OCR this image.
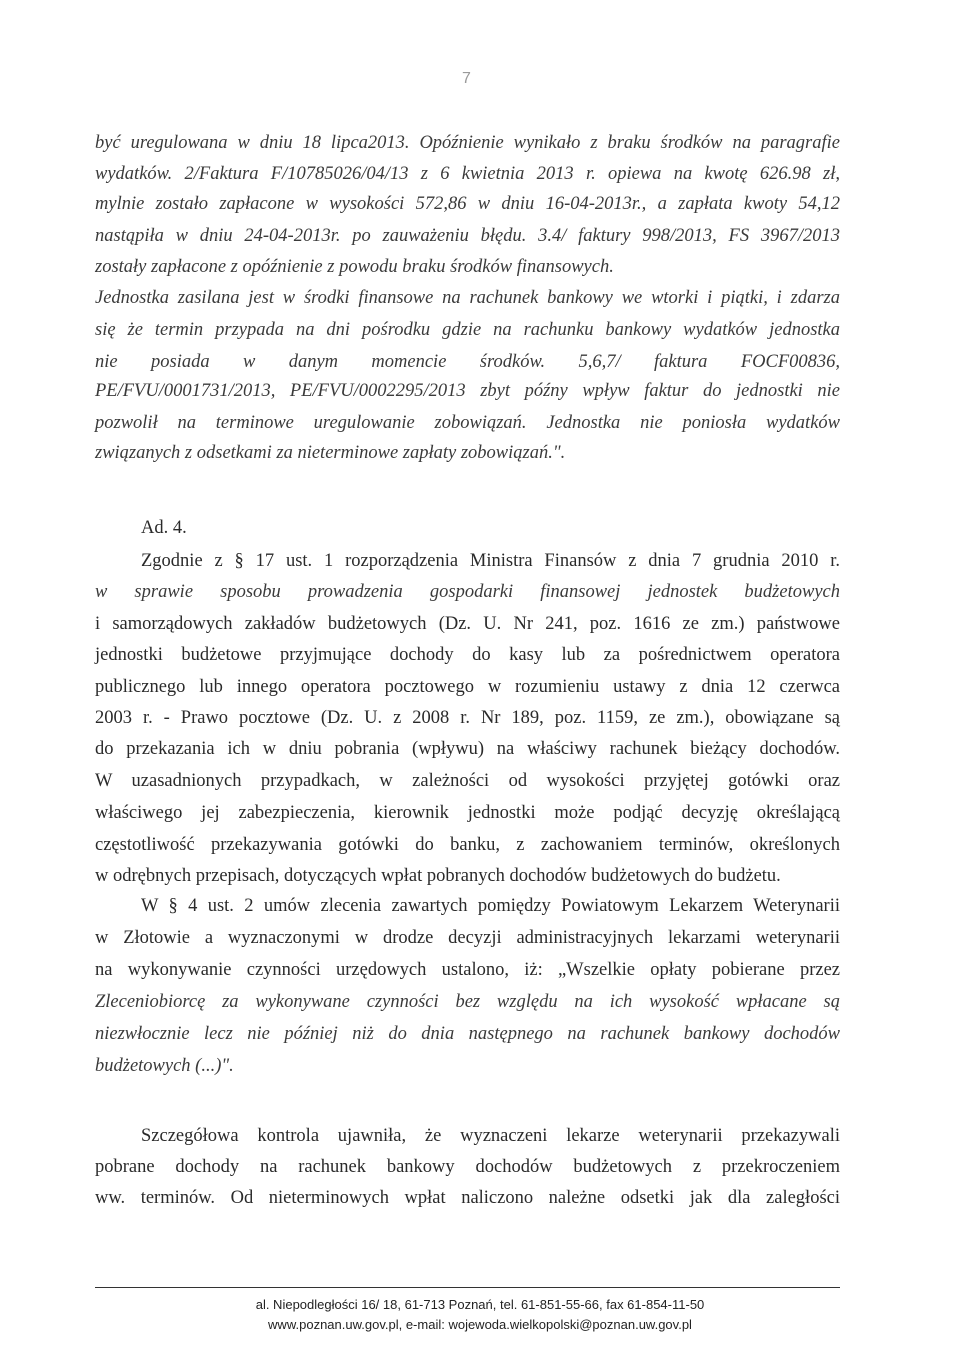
7
być uregulowana w dniu 18 lipca2013. Opóźnienie wynikało z braku środków na paragrafie
wydatków. 2/Faktura F/10785026/04/13 z 6 kwietnia 2013 r. opiewa na kwotę 626.98 zł,
mylnie zostało zapłacone w wysokości 572,86 w dniu 16-04-2013r., a zapłata kwoty 54,12
nastąpiła w dniu 24-04-2013r. po zauważeniu błędu. 3.4/ faktury 998/2013, FS 3967/2013
zostały zapłacone z opóźnienie z powodu braku środków finansowych.
Jednostka zasilana jest w środki finansowe na rachunek bankowy we wtorki i piątki, i zdarza
się że termin przypada na dni pośrodku gdzie na rachunku bankowy wydatków jednostka
nie posiada w danym momencie środków. 5,6,7/ faktura FOCF00836,
PE/FVU/0001731/2013, PE/FVU/0002295/2013 zbyt późny wpływ faktur do jednostki nie
pozwolił na terminowe uregulowanie zobowiązań. Jednostka nie poniosła wydatków
związanych z odsetkami za nieterminowe zapłaty zobowiązań.".
Ad. 4.
Zgodnie z § 17 ust. 1 rozporządzenia Ministra Finansów z dnia 7 grudnia 2010 r.
w sprawie sposobu prowadzenia gospodarki finansowej jednostek budżetowych
i samorządowych zakładów budżetowych (Dz. U. Nr 241, poz. 1616 ze zm.) państwowe
jednostki budżetowe przyjmujące dochody do kasy lub za pośrednictwem operatora
publicznego lub innego operatora pocztowego w rozumieniu ustawy z dnia 12 czerwca
2003 r. - Prawo pocztowe (Dz. U. z 2008 r. Nr 189, poz. 1159, ze zm.), obowiązane są
do przekazania ich w dniu pobrania (wpływu) na właściwy rachunek bieżący dochodów.
W uzasadnionych przypadkach, w zależności od wysokości przyjętej gotówki oraz
właściwego jej zabezpieczenia, kierownik jednostki może podjąć decyzję określającą
częstotliwość przekazywania gotówki do banku, z zachowaniem terminów, określonych
w odrębnych przepisach, dotyczących wpłat pobranych dochodów budżetowych do budżetu.
W § 4 ust. 2 umów zlecenia zawartych pomiędzy Powiatowym Lekarzem Weterynarii
w Złotowie a wyznaczonymi w drodze decyzji administracyjnych lekarzami weterynarii
na wykonywanie czynności urzędowych ustalono, iż: „Wszelkie opłaty pobierane przez
Zleceniobiorcę za wykonywane czynności bez względu na ich wysokość wpłacane są
niezwłocznie lecz nie później niż do dnia następnego na rachunek bankowy dochodów
budżetowych (...)".
Szczegółowa kontrola ujawniła, że wyznaczeni lekarze weterynarii przekazywali
pobrane dochody na rachunek bankowy dochodów budżetowych z przekroczeniem
ww. terminów. Od nieterminowych wpłat naliczono należne odsetki jak dla zaległości
al. Niepodległości 16/ 18, 61-713 Poznań, tel. 61-851-55-66, fax 61-854-11-50
www.poznan.uw.gov.pl, e-mail: wojewoda.wielkopolski@poznan.uw.gov.pl
